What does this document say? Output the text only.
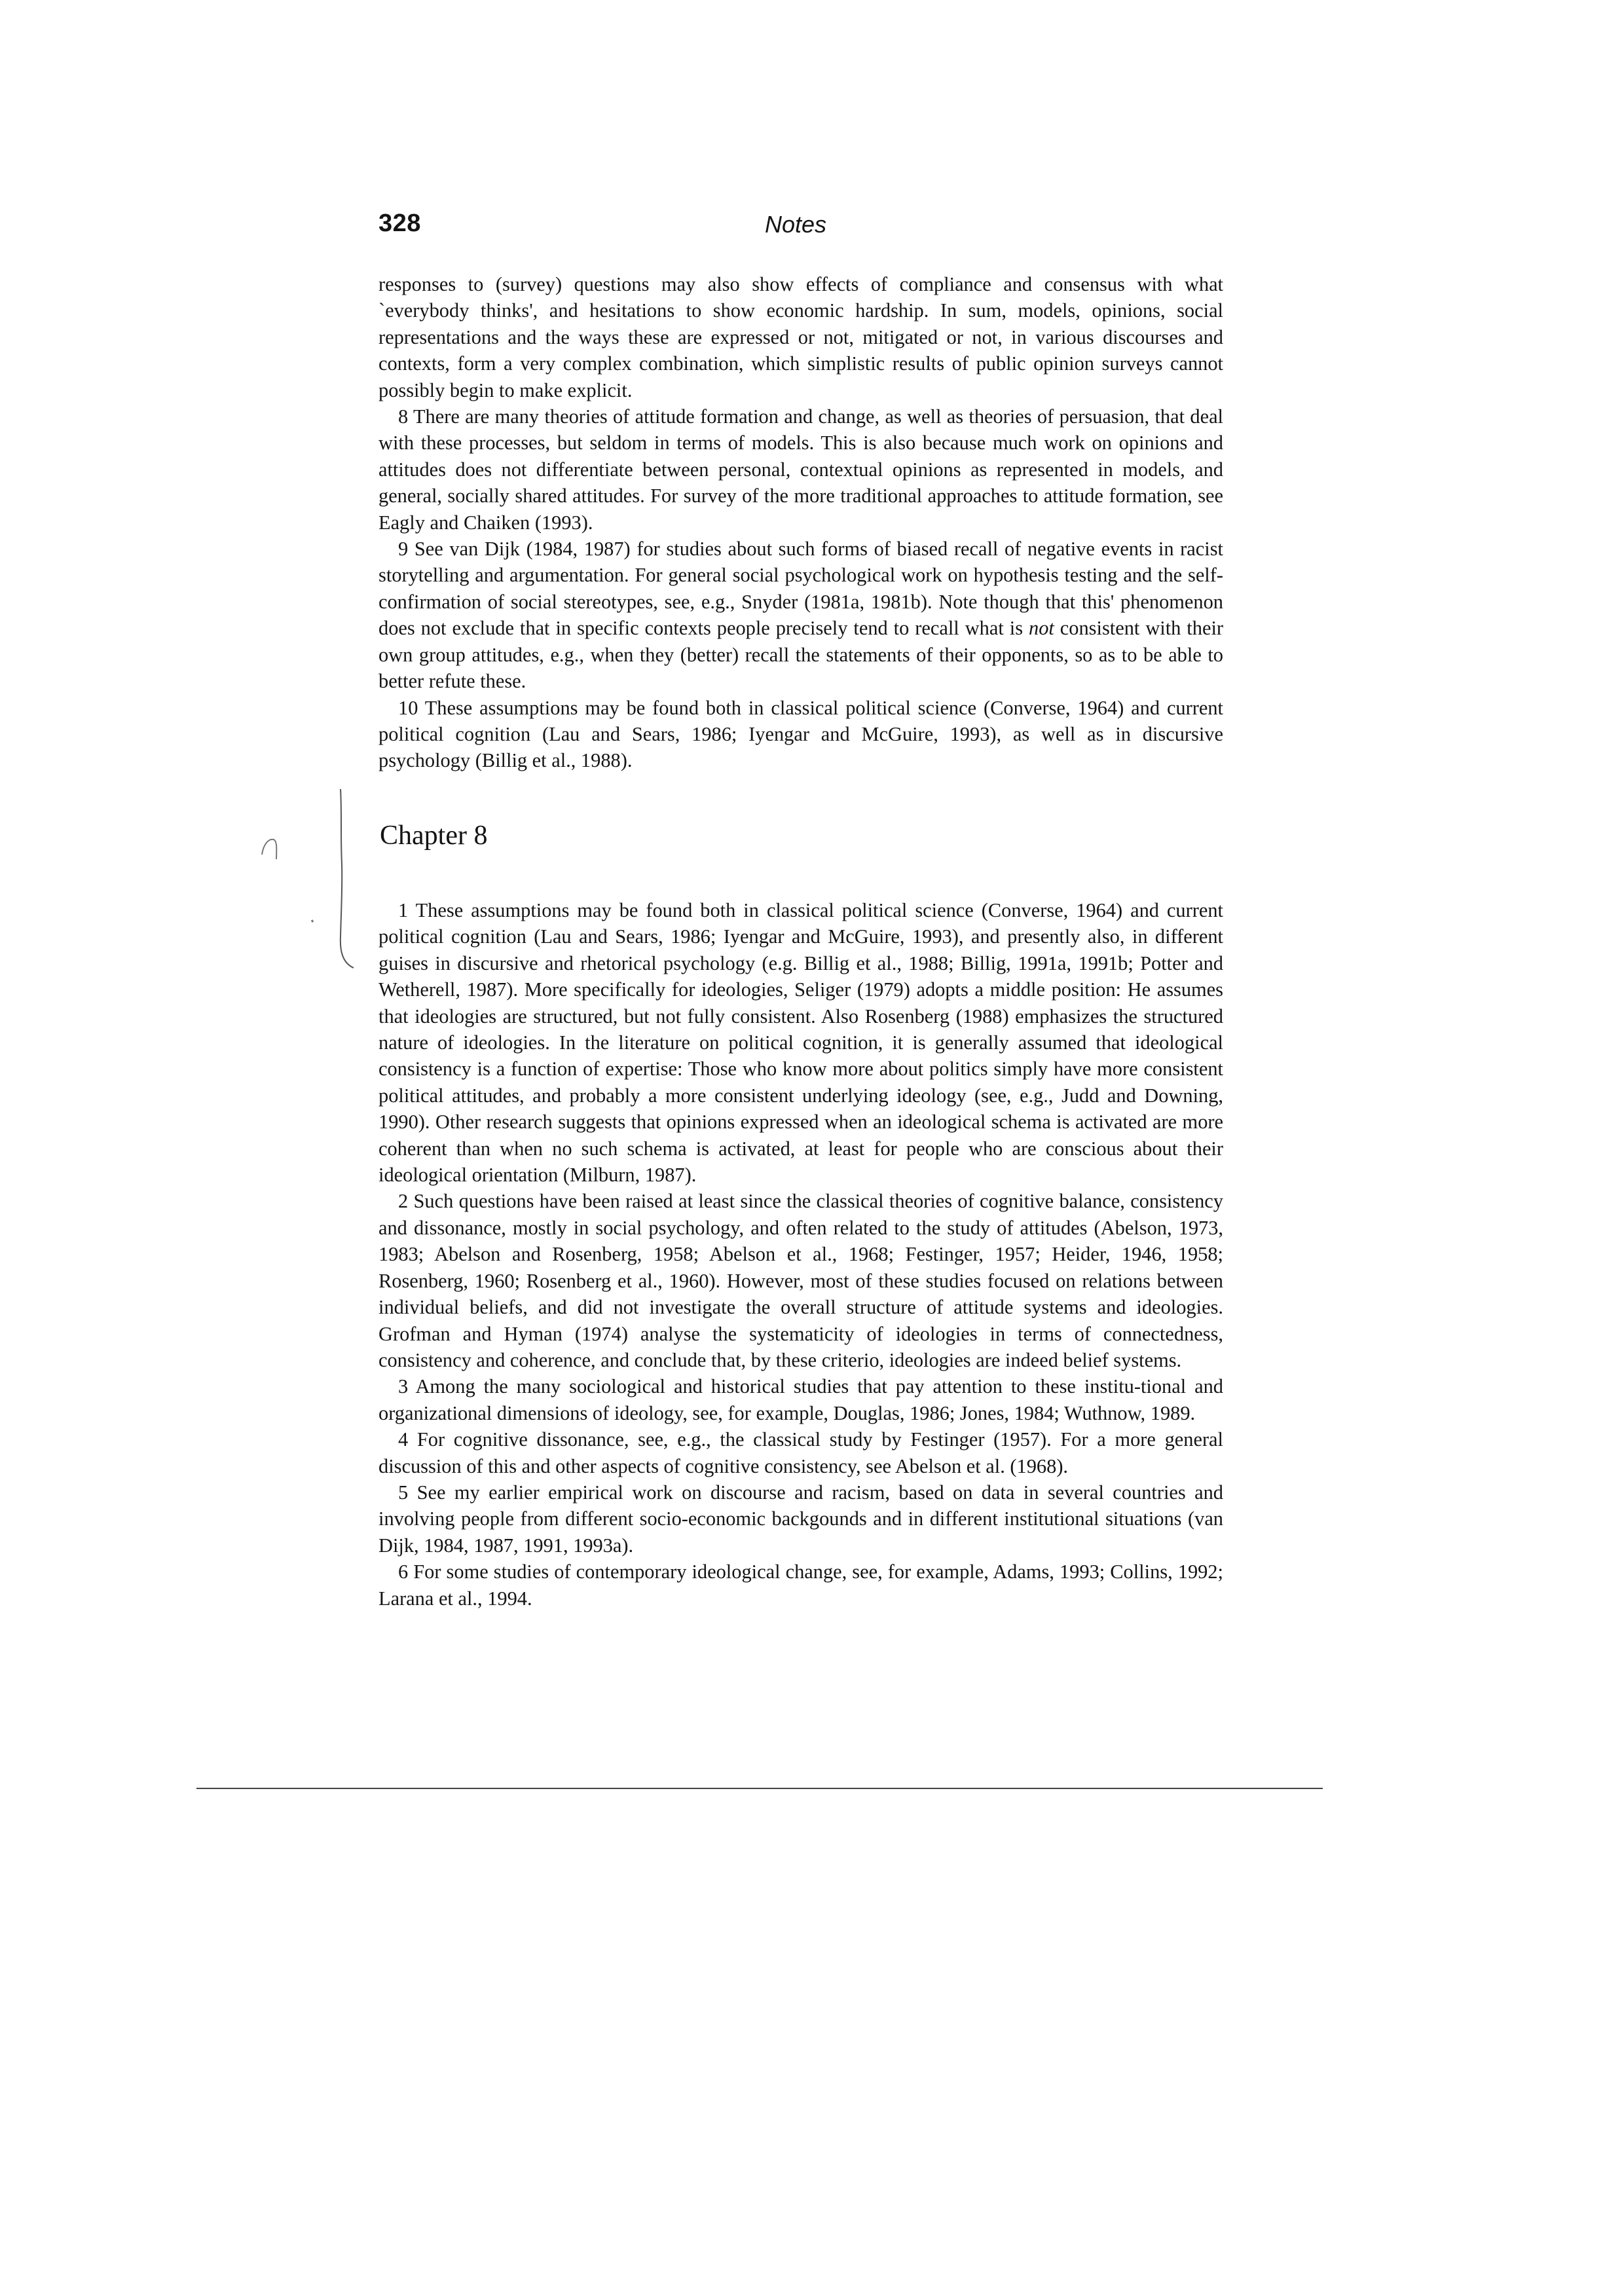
328	Notes

responses to (survey) questions may also show effects of compliance and consensus with what `everybody thinks', and hesitations to show economic hardship. In sum, models, opinions, social representations and the ways these are expressed or not, mitigated or not, in various discourses and contexts, form a very complex combination, which simplistic results of public opinion surveys cannot possibly begin to make explicit.

8 There are many theories of attitude formation and change, as well as theories of persuasion, that deal with these processes, but seldom in terms of models. This is also because much work on opinions and attitudes does not differentiate between personal, contextual opinions as represented in models, and general, socially shared attitudes. For survey of the more traditional approaches to attitude formation, see Eagly and Chaiken (1993).

9 See van Dijk (1984, 1987) for studies about such forms of biased recall of negative events in racist storytelling and argumentation. For general social psychological work on hypothesis testing and the self-confirmation of social stereotypes, see, e.g., Snyder (1981a, 1981b). Note though that this' phenomenon does not exclude that in specific contexts people precisely tend to recall what is not consistent with their own group attitudes, e.g., when they (better) recall the statements of their opponents, so as to be able to better refute these.

10 These assumptions may be found both in classical political science (Converse, 1964) and current political cognition (Lau and Sears, 1986; Iyengar and McGuire, 1993), as well as in discursive psychology (Billig et al., 1988).

Chapter 8

1 These assumptions may be found both in classical political science (Converse, 1964) and current political cognition (Lau and Sears, 1986; Iyengar and McGuire, 1993), and presently also, in different guises in discursive and rhetorical psychology (e.g. Billig et al., 1988; Billig, 1991a, 1991b; Potter and Wetherell, 1987). More specifically for ideologies, Seliger (1979) adopts a middle position: He assumes that ideologies are structured, but not fully consistent. Also Rosenberg (1988) emphasizes the structured nature of ideologies. In the literature on political cognition, it is generally assumed that ideological consistency is a function of expertise: Those who know more about politics simply have more consistent political attitudes, and probably a more consistent underlying ideology (see, e.g., Judd and Downing, 1990). Other research suggests that opinions expressed when an ideological schema is activated are more coherent than when no such schema is activated, at least for people who are conscious about their ideological orientation (Milburn, 1987).

2 Such questions have been raised at least since the classical theories of cognitive balance, consistency and dissonance, mostly in social psychology, and often related to the study of attitudes (Abelson, 1973, 1983; Abelson and Rosenberg, 1958; Abelson et al., 1968; Festinger, 1957; Heider, 1946, 1958; Rosenberg, 1960; Rosenberg et al., 1960). However, most of these studies focused on relations between individual beliefs, and did not investigate the overall structure of attitude systems and ideologies. Grofman and Hyman (1974) analyse the systematicity of ideologies in terms of connectedness, consistency and coherence, and conclude that, by these criterio, ideologies are indeed belief systems.

3 Among the many sociological and historical studies that pay attention to these institu-tional and organizational dimensions of ideology, see, for example, Douglas, 1986; Jones, 1984; Wuthnow, 1989.

4 For cognitive dissonance, see, e.g., the classical study by Festinger (1957). For a more general discussion of this and other aspects of cognitive consistency, see Abelson et al. (1968).

5 See my earlier empirical work on discourse and racism, based on data in several countries and involving people from different socio-economic backgounds and in different institutional situations (van Dijk, 1984, 1987, 1991, 1993a).

6 For some studies of contemporary ideological change, see, for example, Adams, 1993; Collins, 1992; Larana et al., 1994.
